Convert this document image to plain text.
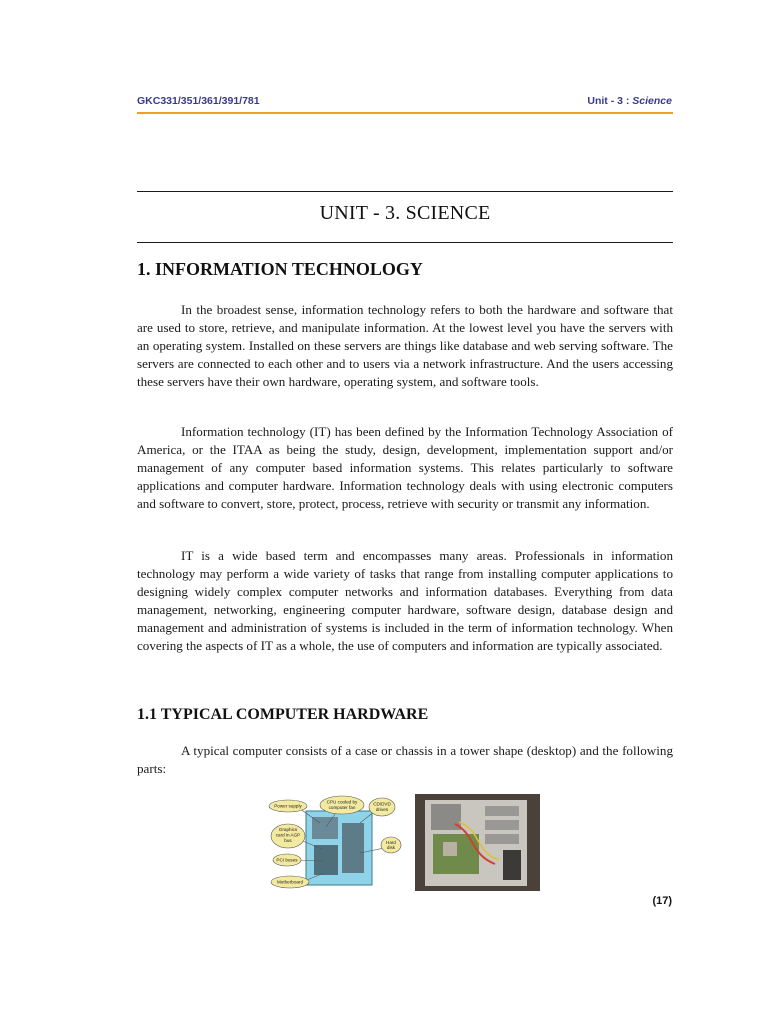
GKC331/351/361/391/781	Unit - 3 : Science
UNIT - 3. SCIENCE
1. INFORMATION TECHNOLOGY

In the broadest sense, information technology refers to both the hardware and software that are used to store, retrieve, and manipulate information. At the lowest level you have the servers with an operating system. Installed on these servers are things like database and web serving software. The servers are connected to each other and to users via a network infrastructure. And the users accessing these servers have their own hardware, operating system, and software tools.

Information technology (IT) has been defined by the Information Technology Association of America, or the ITAA as being the study, design, development, implementation support and/or management of any computer based information systems. This relates particularly to software applications and computer hardware. Information technology deals with using electronic computers and software to convert, store, protect, process, retrieve with security or transmit any information.

IT is a wide based term and encompasses many areas. Professionals in information technology may perform a wide variety of tasks that range from installing computer applications to designing widely complex computer networks and information databases. Everything from data management, networking, engineering computer hardware, software design, database design and management and administration of systems is included in the term of information technology. When covering the aspects of IT as a whole, the use of computers and information are typically associated.

1.1 TYPICAL COMPUTER HARDWARE

A typical computer consists of a case or chassis in a tower shape (desktop) and the following parts:

Power supply
CPU cooled by
computer fan
CD/DVD
drives
Graphics
card in AGP
bus	Hard
disk
PCI buses
Motherboard
(17)
